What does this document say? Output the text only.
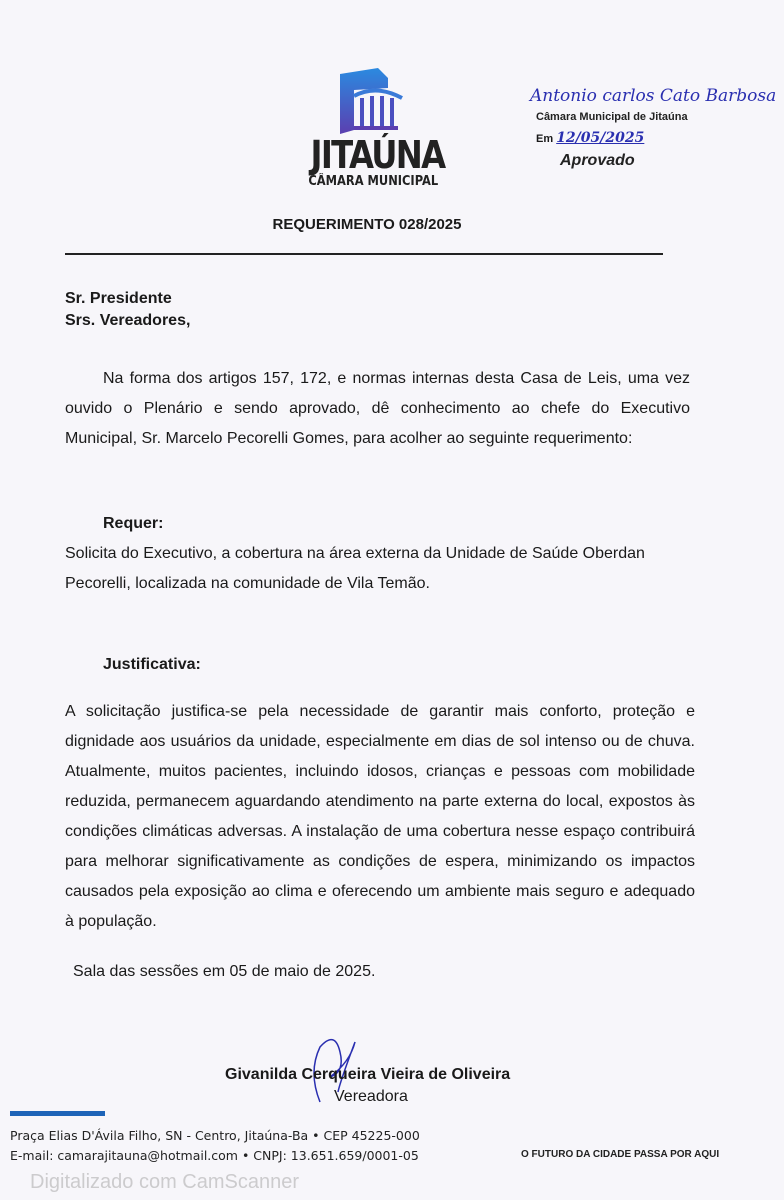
JITAÚNA
CÂMARA MUNICIPAL
Antonio carlos Cato Barbosa
Câmara Municipal de Jitaúna
Em 12/05/2025
Aprovado
REQUERIMENTO 028/2025
Sr. Presidente
Srs. Vereadores,
Na forma dos artigos 157, 172, e normas internas desta Casa de Leis, uma vez ouvido o Plenário e sendo aprovado, dê conhecimento ao chefe do Executivo Municipal, Sr. Marcelo Pecorelli Gomes, para acolher ao seguinte requerimento:
Requer:
Solicita do Executivo, a cobertura na área externa da Unidade de Saúde Oberdan Pecorelli, localizada na comunidade de Vila Temão.
Justificativa:
A solicitação justifica-se pela necessidade de garantir mais conforto, proteção e dignidade aos usuários da unidade, especialmente em dias de sol intenso ou de chuva. Atualmente, muitos pacientes, incluindo idosos, crianças e pessoas com mobilidade reduzida, permanecem aguardando atendimento na parte externa do local, expostos às condições climáticas adversas. A instalação de uma cobertura nesse espaço contribuirá para melhorar significativamente as condições de espera, minimizando os impactos causados pela exposição ao clima e oferecendo um ambiente mais seguro e adequado à população.
Sala das sessões em 05 de maio de 2025.
Givanilda Cerqueira Vieira de Oliveira
Vereadora
Praça Elias D'Ávila Filho, SN - Centro, Jitaúna-Ba • CEP 45225-000
E-mail: camarajitauna@hotmail.com • CNPJ: 13.651.659/0001-05	O FUTURO DA CIDADE PASSA POR AQUI
Digitalizado com CamScanner
